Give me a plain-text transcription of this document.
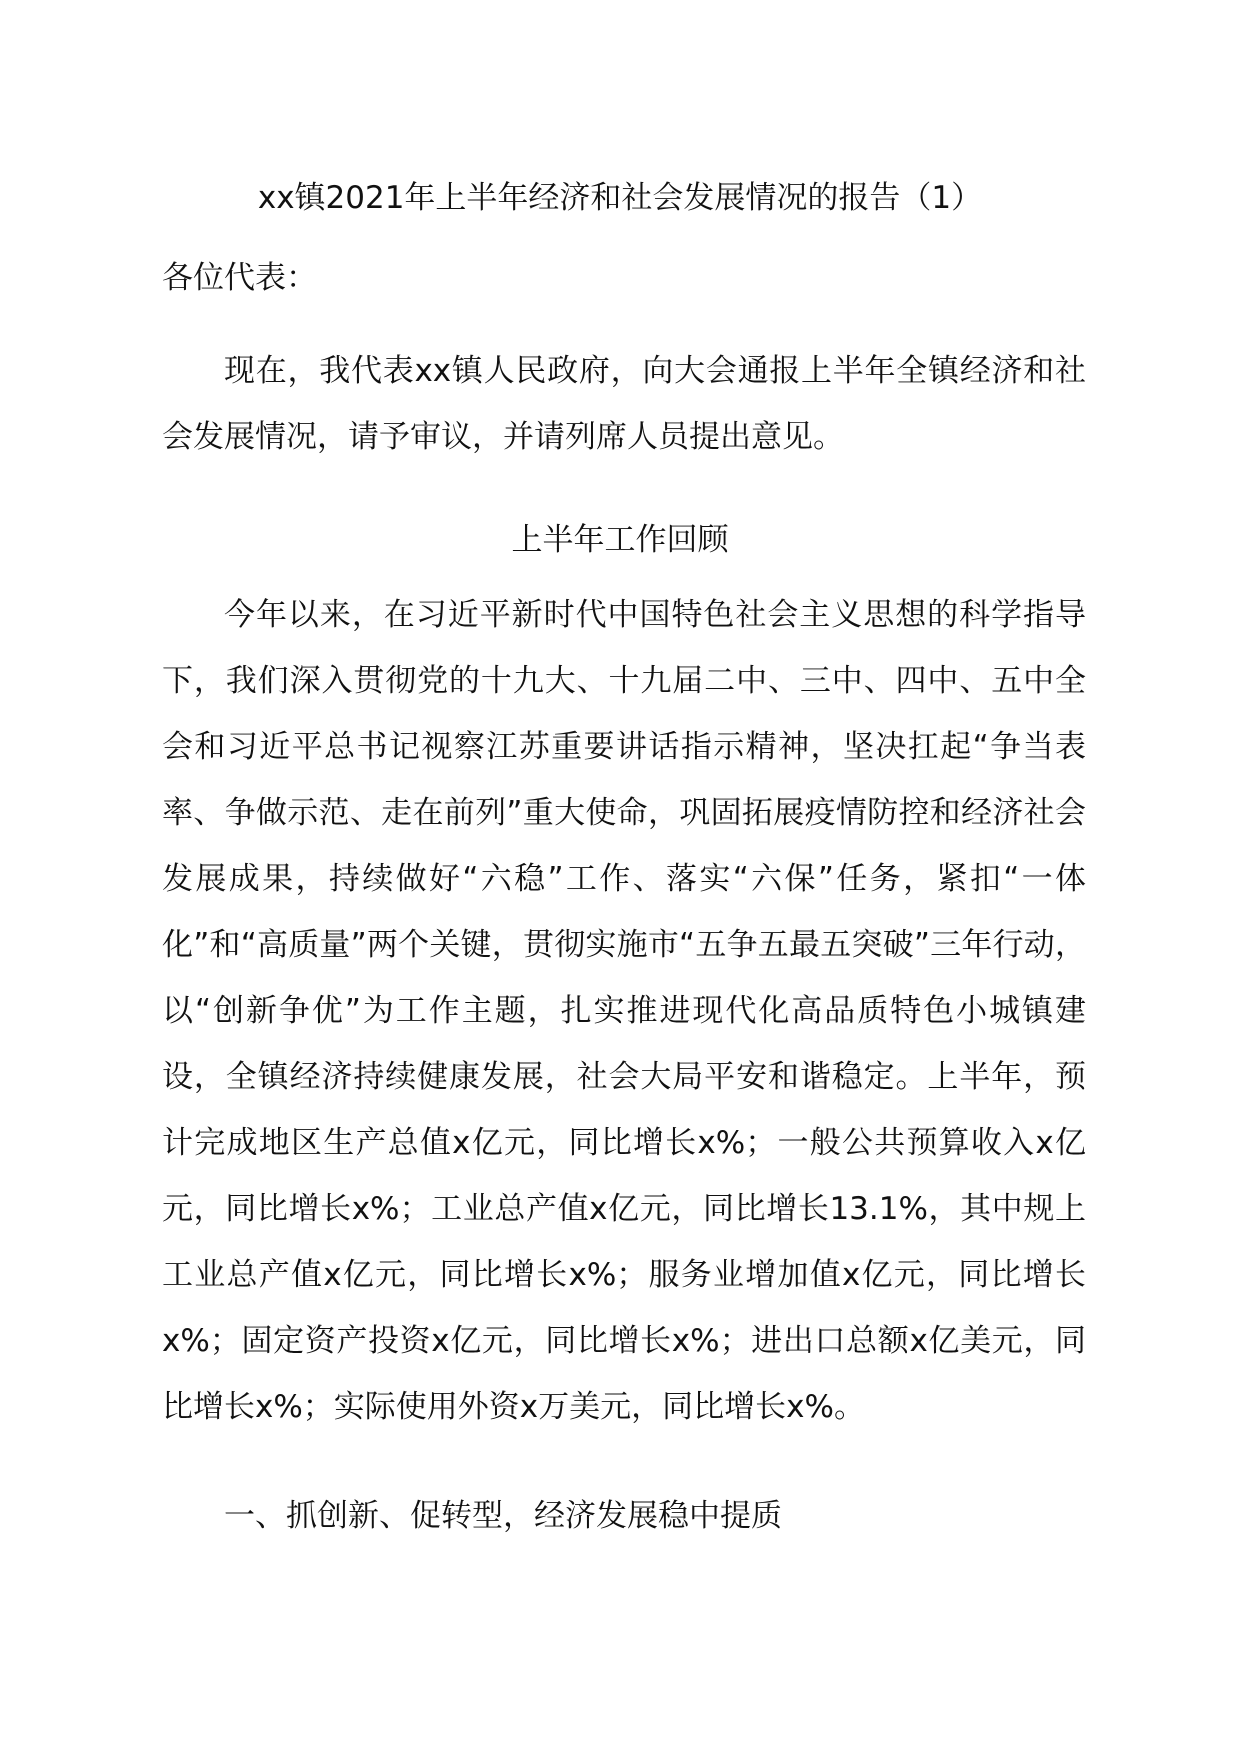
xx镇2021年上半年经济和社会发展情况的报告（1）

各位代表：

现在，我代表xx镇人民政府，向大会通报上半年全镇经济和社会发展情况，请予审议，并请列席人员提出意见。

上半年工作回顾

今年以来，在习近平新时代中国特色社会主义思想的科学指导下，我们深入贯彻党的十九大、十九届二中、三中、四中、五中全会和习近平总书记视察江苏重要讲话指示精神，坚决扛起“争当表率、争做示范、走在前列”重大使命，巩固拓展疫情防控和经济社会发展成果，持续做好“六稳”工作、落实“六保”任务，紧扣“一体化”和“高质量”两个关键，贯彻实施市“五争五最五突破”三年行动，以“创新争优”为工作主题，扎实推进现代化高品质特色小城镇建设，全镇经济持续健康发展，社会大局平安和谐稳定。上半年，预计完成地区生产总值x亿元，同比增长x%；一般公共预算收入x亿元，同比增长x%；工业总产值x亿元，同比增长13.1%，其中规上工业总产值x亿元，同比增长x%；服务业增加值x亿元，同比增长x%；固定资产投资x亿元，同比增长x%；进出口总额x亿美元，同比增长x%；实际使用外资x万美元，同比增长x%。

一、抓创新、促转型，经济发展稳中提质
